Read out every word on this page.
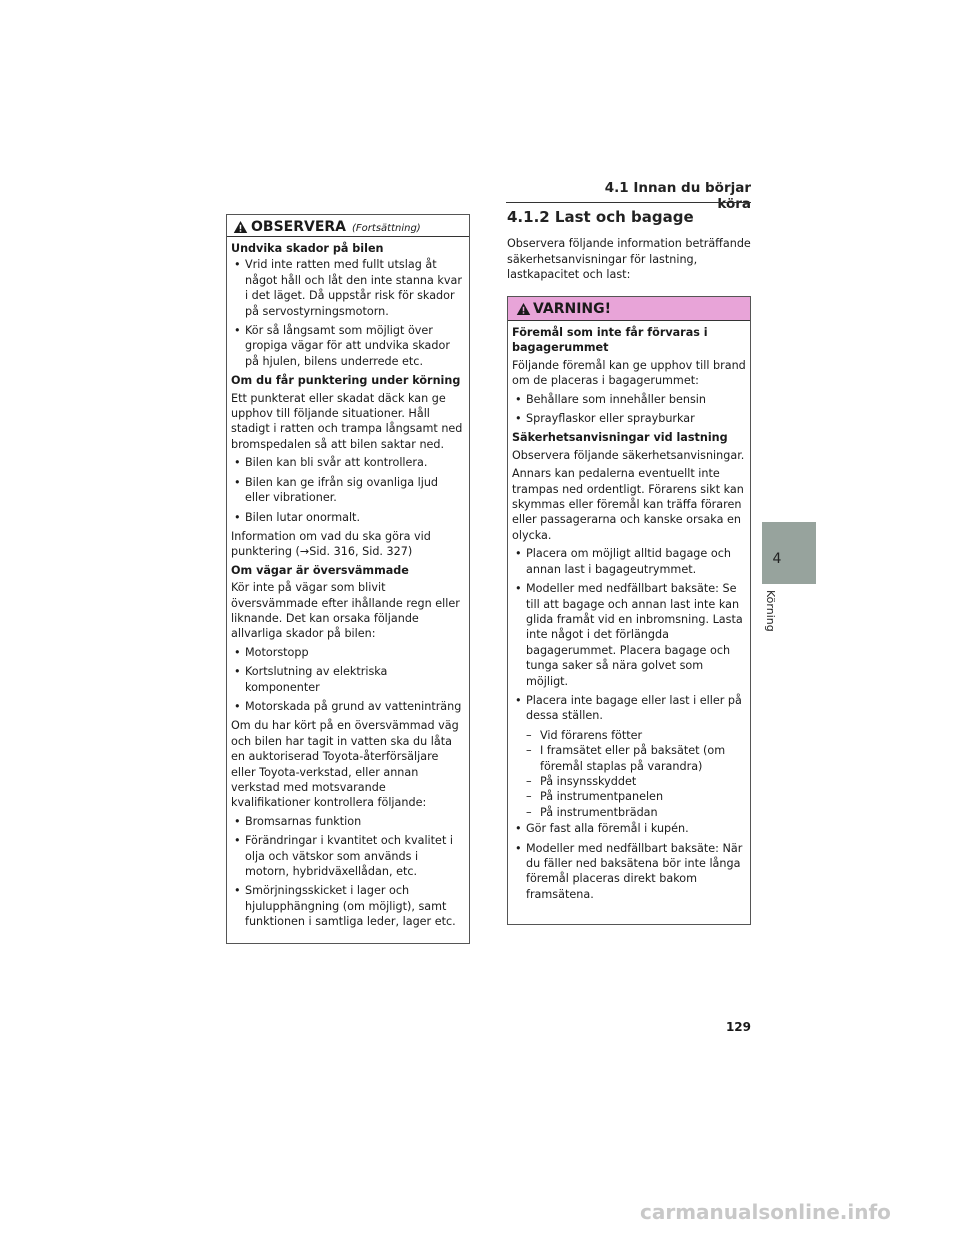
4.1 Innan du börjar köra
OBSERVERA (Fortsättning)
Undvika skador på bilen
• Vrid inte ratten med fullt utslag åt något håll och låt den inte stanna kvar i det läget. Då uppstår risk för skador på servostyrningsmotorn.
• Kör så långsamt som möjligt över gropiga vägar för att undvika skador på hjulen, bilens underrede etc.
Om du får punktering under körning
Ett punkterat eller skadat däck kan ge upphov till följande situationer. Håll stadigt i ratten och trampa långsamt ned bromspedalen så att bilen saktar ned.
• Bilen kan bli svår att kontrollera.
• Bilen kan ge ifrån sig ovanliga ljud eller vibrationer.
• Bilen lutar onormalt.
Information om vad du ska göra vid punktering (→Sid. 316, Sid. 327)
Om vägar är översvämmade
Kör inte på vägar som blivit översvämmade efter ihållande regn eller liknande. Det kan orsaka följande allvarliga skador på bilen:
• Motorstopp
• Kortslutning av elektriska komponenter
• Motorskada på grund av vatteninträng
Om du har kört på en översvämmad väg och bilen har tagit in vatten ska du låta en auktoriserad Toyota-återförsäljare eller Toyota-verkstad, eller annan verkstad med motsvarande kvalifikationer kontrollera följande:
• Bromsarnas funktion
• Förändringar i kvantitet och kvalitet i olja och vätskor som används i motorn, hybridväxellådan, etc.
• Smörjningsskicket i lager och hjulupphängning (om möjligt), samt funktionen i samtliga leder, lager etc.
4.1.2 Last och bagage
Observera följande information beträffande säkerhetsanvisningar för lastning, lastkapacitet och last:
VARNING!
Föremål som inte får förvaras i bagagerummet
Följande föremål kan ge upphov till brand om de placeras i bagagerummet:
• Behållare som innehåller bensin
• Sprayflaskor eller sprayburkar
Säkerhetsanvisningar vid lastning
Observera följande säkerhetsanvisningar.
Annars kan pedalerna eventuellt inte trampas ned ordentligt. Förarens sikt kan skymmas eller föremål kan träffa föraren eller passagerarna och kanske orsaka en olycka.
• Placera om möjligt alltid bagage och annan last i bagageutrymmet.
• Modeller med nedfällbart baksäte: Se till att bagage och annan last inte kan glida framåt vid en inbromsning. Lasta inte något i det förlängda bagagerummet. Placera bagage och tunga saker så nära golvet som möjligt.
• Placera inte bagage eller last i eller på dessa ställen.
– Vid förarens fötter
– I framsätet eller på baksätet (om föremål staplas på varandra)
– På insynsskyddet
– På instrumentpanelen
– På instrumentbrädan
• Gör fast alla föremål i kupén.
• Modeller med nedfällbart baksäte: När du fäller ned baksätena bör inte långa föremål placeras direkt bakom framsätena.
4
Körning
129
carmanualsonline.info
